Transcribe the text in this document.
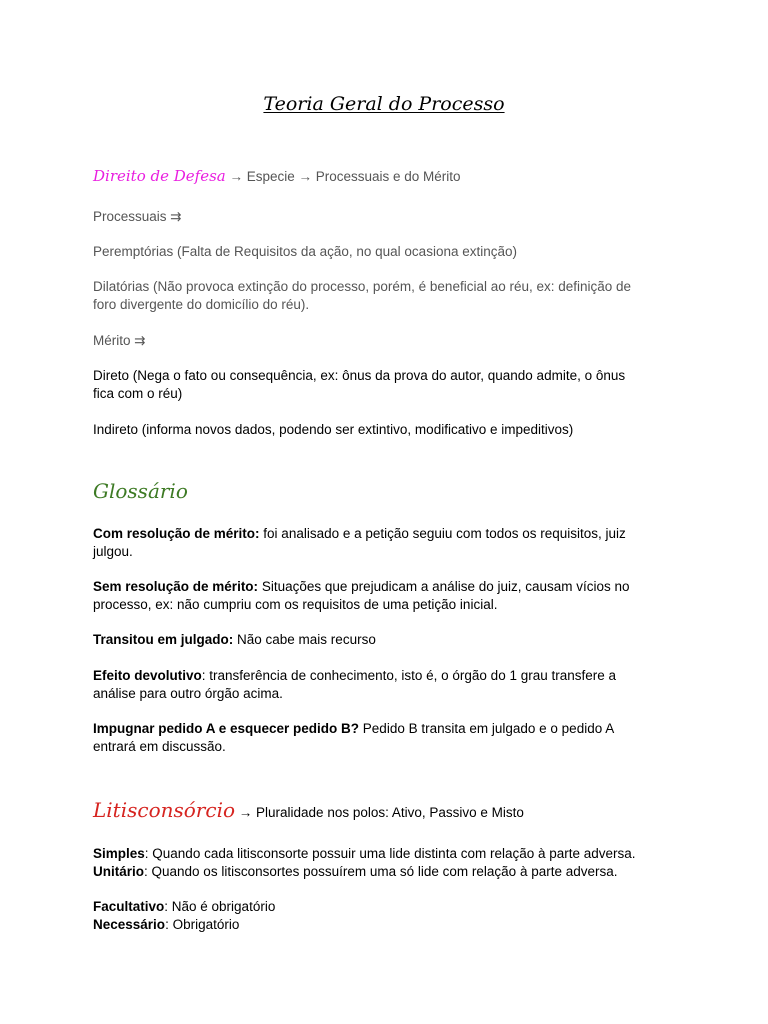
Teoria Geral do Processo
Direito de Defesa → Especie → Processuais e do Mérito
Processuais ⇉
Peremptórias (Falta de Requisitos da ação, no qual ocasiona extinção)
Dilatórias (Não provoca extinção do processo, porém, é beneficial ao réu, ex: definição de
foro divergente do domicílio do réu).
Mérito ⇉
Direto (Nega o fato ou consequência, ex: ônus da prova do autor, quando admite, o ônus
fica com o réu)
Indireto (informa novos dados, podendo ser extintivo, modificativo e impeditivos)
Glossário
Com resolução de mérito: foi analisado e a petição seguiu com todos os requisitos, juiz
julgou.
Sem resolução de mérito: Situações que prejudicam a análise do juiz, causam vícios no
processo, ex: não cumpriu com os requisitos de uma petição inicial.
Transitou em julgado: Não cabe mais recurso
Efeito devolutivo: transferência de conhecimento, isto é, o órgão do 1 grau transfere a
análise para outro órgão acima.
Impugnar pedido A e esquecer pedido B? Pedido B transita em julgado e o pedido A
entrará em discussão.
Litisconsórcio → Pluralidade nos polos: Ativo, Passivo e Misto
Simples: Quando cada litisconsorte possuir uma lide distinta com relação à parte adversa.
Unitário: Quando os litisconsortes possuírem uma só lide com relação à parte adversa.
Facultativo: Não é obrigatório
Necessário: Obrigatório
